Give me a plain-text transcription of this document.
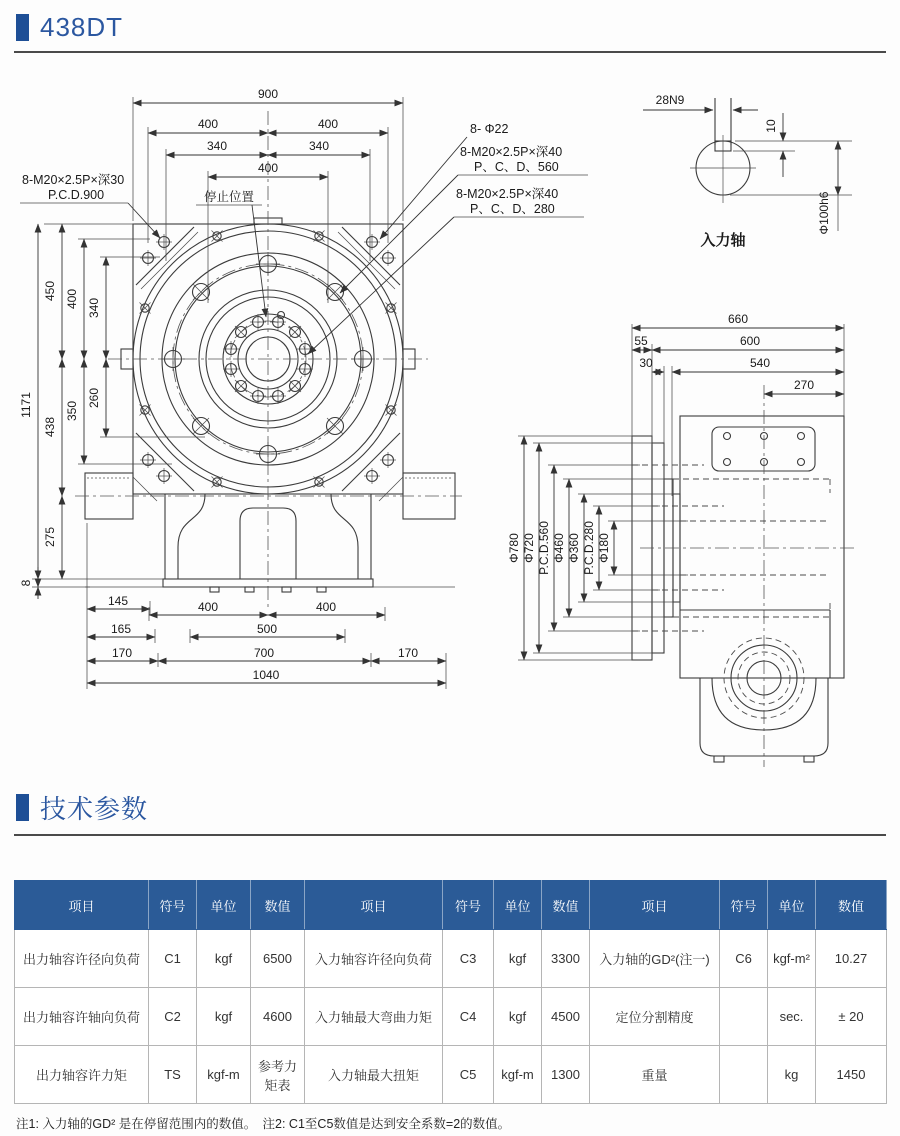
438DT
900
400	400
340	340
400
停止位置
1171
450 400 340
438
350
260
275
8
145	400	400
165	500
170	700	170
1040
8-M20×2.5P×深30
P.C.D.900
8- Φ22
8-M20×2.5P×深40
P、C、D、560
8-M20×2.5P×深40
P、C、D、280
28N9
10
Φ100h6
入力轴
660
55	600
30	540
270
Φ780 Φ720 P.C.D.560 Φ460 Φ360 P.C.D.280 Φ180
技术参数
项目	符号	单位	数值	项目	符号	单位	数值	项目	符号	单位	数值
出力轴容许径向负荷	C1	kgf	6500	入力轴容许径向负荷	C3	kgf	3300	入力轴的GD²(注一)	C6	kgf-m²	10.27
出力轴容许轴向负荷	C2	kgf	4600	入力轴最大弯曲力矩	C4	kgf	4500	定位分割精度		sec.	± 20
出力轴容许力矩	TS	kgf-m	参考力矩表	入力轴最大扭矩	C5	kgf-m	1300	重量		kg	1450
注1: 入力轴的GD² 是在停留范围内的数值。　注2: C1至C5数值是达到安全系数=2的数值。
